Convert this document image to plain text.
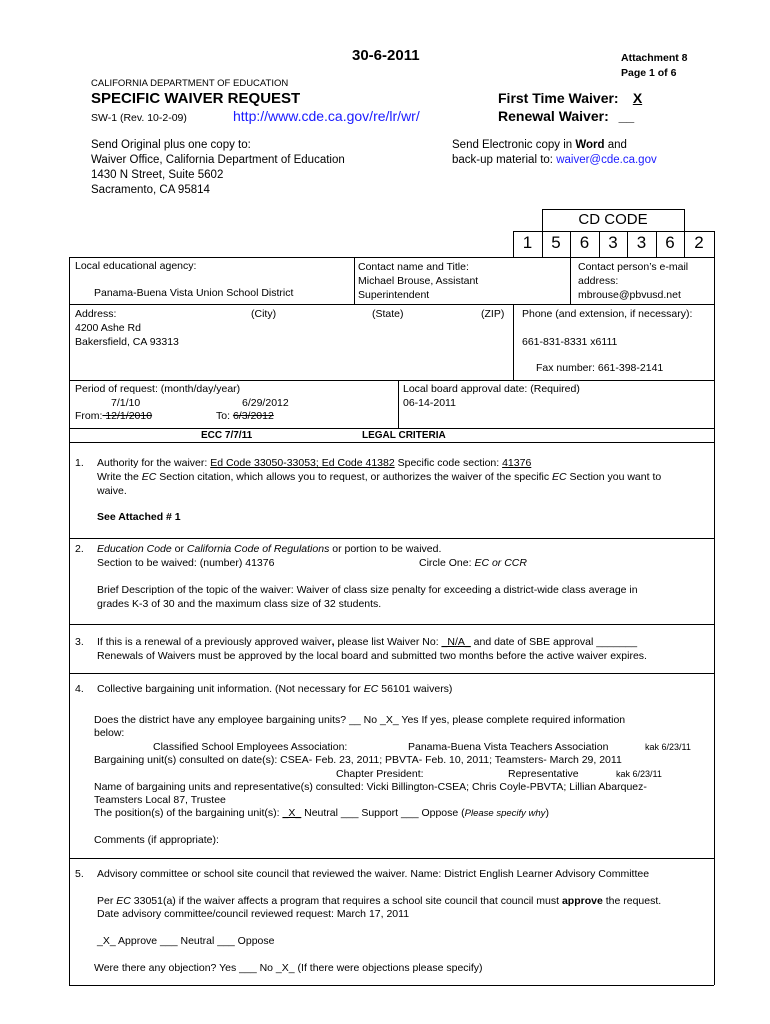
30-6-2011	Attachment 8
Page 1 of 6
CALIFORNIA DEPARTMENT OF EDUCATION
SPECIFIC WAIVER REQUEST
SW-1 (Rev. 10-2-09)	http://www.cde.ca.gov/re/lr/wr/
First Time Waiver: X
Renewal Waiver: __
Send Original plus one copy to:
Waiver Office, California Department of Education
1430 N Street, Suite 5602
Sacramento, CA 95814
Send Electronic copy in Word and
back-up material to: waiver@cde.ca.gov
CD CODE
1	5	6	3	3	6	2
Local educational agency:
Panama-Buena Vista Union School District
Contact name and Title:
Michael Brouse, Assistant
Superintendent
Contact person’s e-mail
address:
mbrouse@pbvusd.net
Address:	(City)	(State)	(ZIP)
4200 Ashe Rd
Bakersfield, CA 93313
Phone (and extension, if necessary):
661-831-8331 x6111
Fax number: 661-398-2141
Period of request: (month/day/year)
7/1/10	6/29/2012
From: 12/1/2010	To: 6/3/2012
Local board approval date: (Required)
06-14-2011
ECC 7/7/11	LEGAL CRITERIA
1. Authority for the waiver: Ed Code 33050-33053; Ed Code 41382 Specific code section: 41376
Write the EC Section citation, which allows you to request, or authorizes the waiver of the specific EC Section you want to
waive.
See Attached # 1
2. Education Code or California Code of Regulations or portion to be waived.
Section to be waived: (number) 41376	Circle One: EC or CCR
Brief Description of the topic of the waiver: Waiver of class size penalty for exceeding a district-wide class average in
grades K-3 of 30 and the maximum class size of 32 students.
3. If this is a renewal of a previously approved waiver, please list Waiver No: _N/A_ and date of SBE approval _______
Renewals of Waivers must be approved by the local board and submitted two months before the active waiver expires.
4. Collective bargaining unit information. (Not necessary for EC 56101 waivers)
Does the district have any employee bargaining units? __ No _X_ Yes If yes, please complete required information
below:
Classified School Employees Association:	Panama-Buena Vista Teachers Association	kak 6/23/11
Bargaining unit(s) consulted on date(s): CSEA- Feb. 23, 2011; PBVTA- Feb. 10, 2011; Teamsters- March 29, 2011
Chapter President:	Representative	kak 6/23/11
Name of bargaining units and representative(s) consulted: Vicki Billington-CSEA; Chris Coyle-PBVTA; Lillian Abarquez-
Teamsters Local 87, Trustee
The position(s) of the bargaining unit(s): _X_ Neutral ___ Support ___ Oppose (Please specify why)
Comments (if appropriate):
5. Advisory committee or school site council that reviewed the waiver. Name: District English Learner Advisory Committee
Per EC 33051(a) if the waiver affects a program that requires a school site council that council must approve the request.
Date advisory committee/council reviewed request: March 17, 2011
_X_ Approve ___ Neutral ___ Oppose
Were there any objection? Yes ___ No _X_ (If there were objections please specify)
